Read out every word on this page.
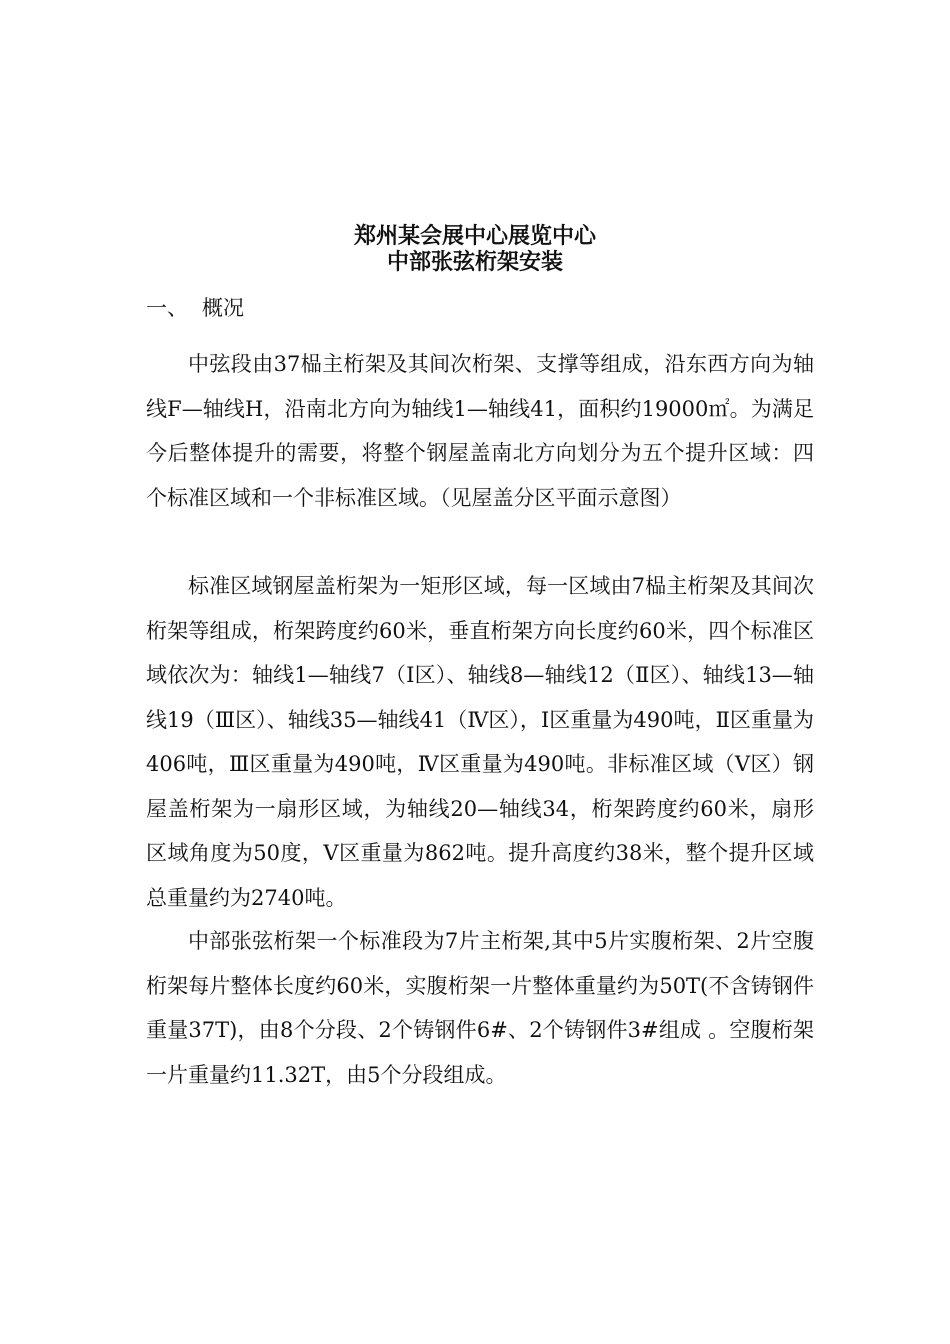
郑州某会展中心展览中心
中部张弦桁架安装
一、 概况

中弦段由37榀主桁架及其间次桁架、支撑等组成，沿东西方向为轴线F—轴线H，沿南北方向为轴线1—轴线41，面积约19000㎡。为满足今后整体提升的需要，将整个钢屋盖南北方向划分为五个提升区域：四个标准区域和一个非标准区域。（见屋盖分区平面示意图）

标准区域钢屋盖桁架为一矩形区域，每一区域由7榀主桁架及其间次桁架等组成，桁架跨度约60米，垂直桁架方向长度约60米，四个标准区域依次为：轴线1—轴线7（Ⅰ区）、轴线8—轴线12（Ⅱ区）、轴线13—轴线19（Ⅲ区）、轴线35—轴线41（Ⅳ区），Ⅰ区重量为490吨，Ⅱ区重量为406吨，Ⅲ区重量为490吨，Ⅳ区重量为490吨。非标准区域（Ⅴ区）钢屋盖桁架为一扇形区域，为轴线20—轴线34，桁架跨度约60米，扇形区域角度为50度，Ⅴ区重量为862吨。提升高度约38米，整个提升区域总重量约为2740吨。

中部张弦桁架一个标准段为7片主桁架,其中5片实腹桁架、2片空腹桁架每片整体长度约60米，实腹桁架一片整体重量约为50T(不含铸钢件重量37T)，由8个分段、2个铸钢件6#、2个铸钢件3#组成 。空腹桁架一片重量约11.32T，由5个分段组成。
